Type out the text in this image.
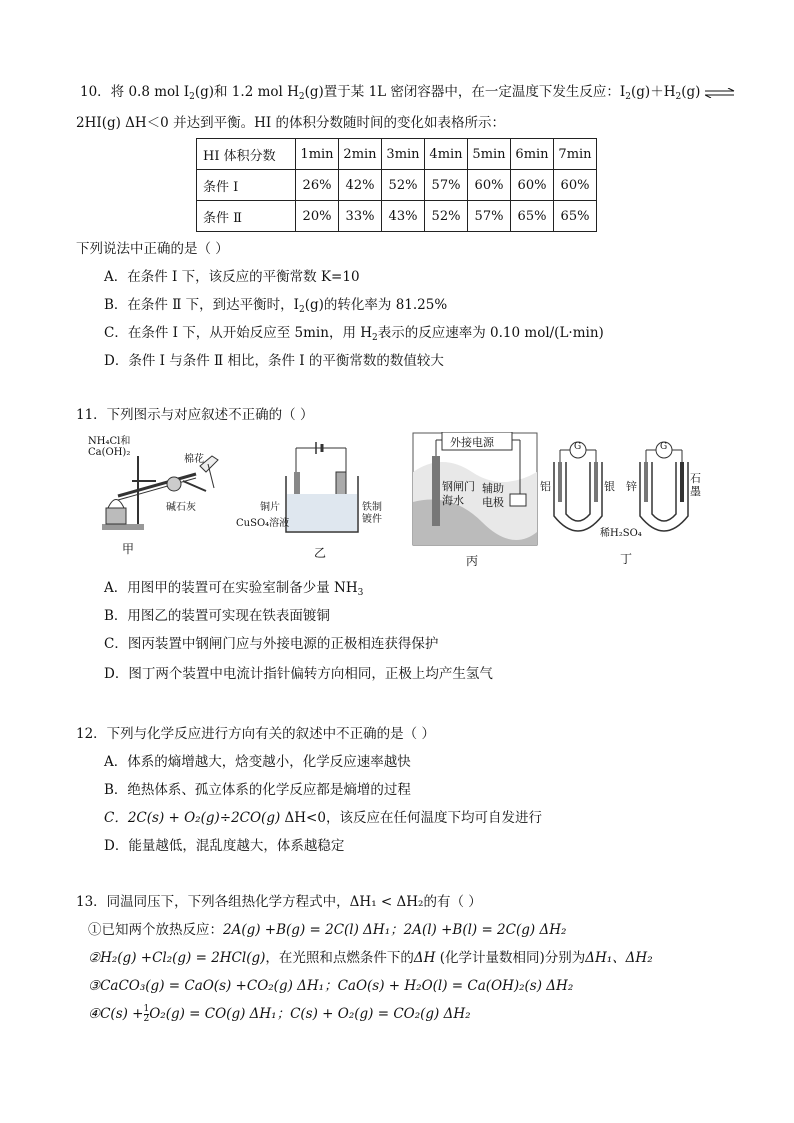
10．将 0.8 mol $I_2(g)$和 1.2 mol $H_2(g)$置于某 1L 密闭容器中，在一定温度下发生反应：$I_2(g)+H_2(g)$ ⇌
2HI(g) ΔH＜0 并达到平衡。HI 的体积分数随时间的变化如表格所示：
HI 体积分数	1min	2min	3min	4min	5min	6min	7min
条件 I	26%	42%	52%	57%	60%	60%	60%
条件 Ⅱ	20%	33%	43%	52%	57%	65%	65%
下列说法中正确的是（ ）
A．在条件 I 下，该反应的平衡常数 K=10
B．在条件 Ⅱ 下，到达平衡时，$I_2(g)$的转化率为 81.25%
C．在条件 I 下，从开始反应至 5min，用 $H_2$表示的反应速率为 0.10 mol/(L·min)
D．条件 I 与条件 Ⅱ 相比，条件 I 的平衡常数的数值较大
11．下列图示与对应叙述不正确的（ ）
NH₄Cl和
Ca(OH)₂
棉花
碱石灰
甲
铜片
CuSO₄溶液
铁制
镀件
乙
外接电源
钢闸门
海水
辅助
电极
丙
G	G
铝	银 锌
石
墨
稀H₂SO₄
丁
A．用图甲的装置可在实验室制备少量 $NH_3$
B．用图乙的装置可实现在铁表面镀铜
C．图丙装置中钢闸门应与外接电源的正极相连获得保护
D．图丁两个装置中电流计指针偏转方向相同，正极上均产生氢气
12．下列与化学反应进行方向有关的叙述中不正确的是（ ）
A．体系的熵增越大，焓变越小，化学反应速率越快
B．绝热体系、孤立体系的化学反应都是熵增的过程
C．2C(s) + O₂(g)÷2CO(g) ΔH<0，该反应在任何温度下均可自发进行
D．能量越低，混乱度越大，体系越稳定
13．同温同压下，下列各组热化学方程式中，ΔH₁ < ΔH₂的有（ ）
①已知两个放热反应：2A(g) +B(g) = 2C(l) ΔH₁；2A(l) +B(l) = 2C(g) ΔH₂
②H₂(g) +Cl₂(g) = 2HCl(g)，在光照和点燃条件下的ΔH (化学计量数相同)分别为ΔH₁、ΔH₂
③CaCO₃(g) = CaO(s) +CO₂(g) ΔH₁；CaO(s) + H₂O(l) = Ca(OH)₂(s) ΔH₂
④C(s) + $\frac{1}{2} O_2(g) = CO(g)$ ΔH₁；C(s) + O₂(g) = CO₂(g) ΔH₂
